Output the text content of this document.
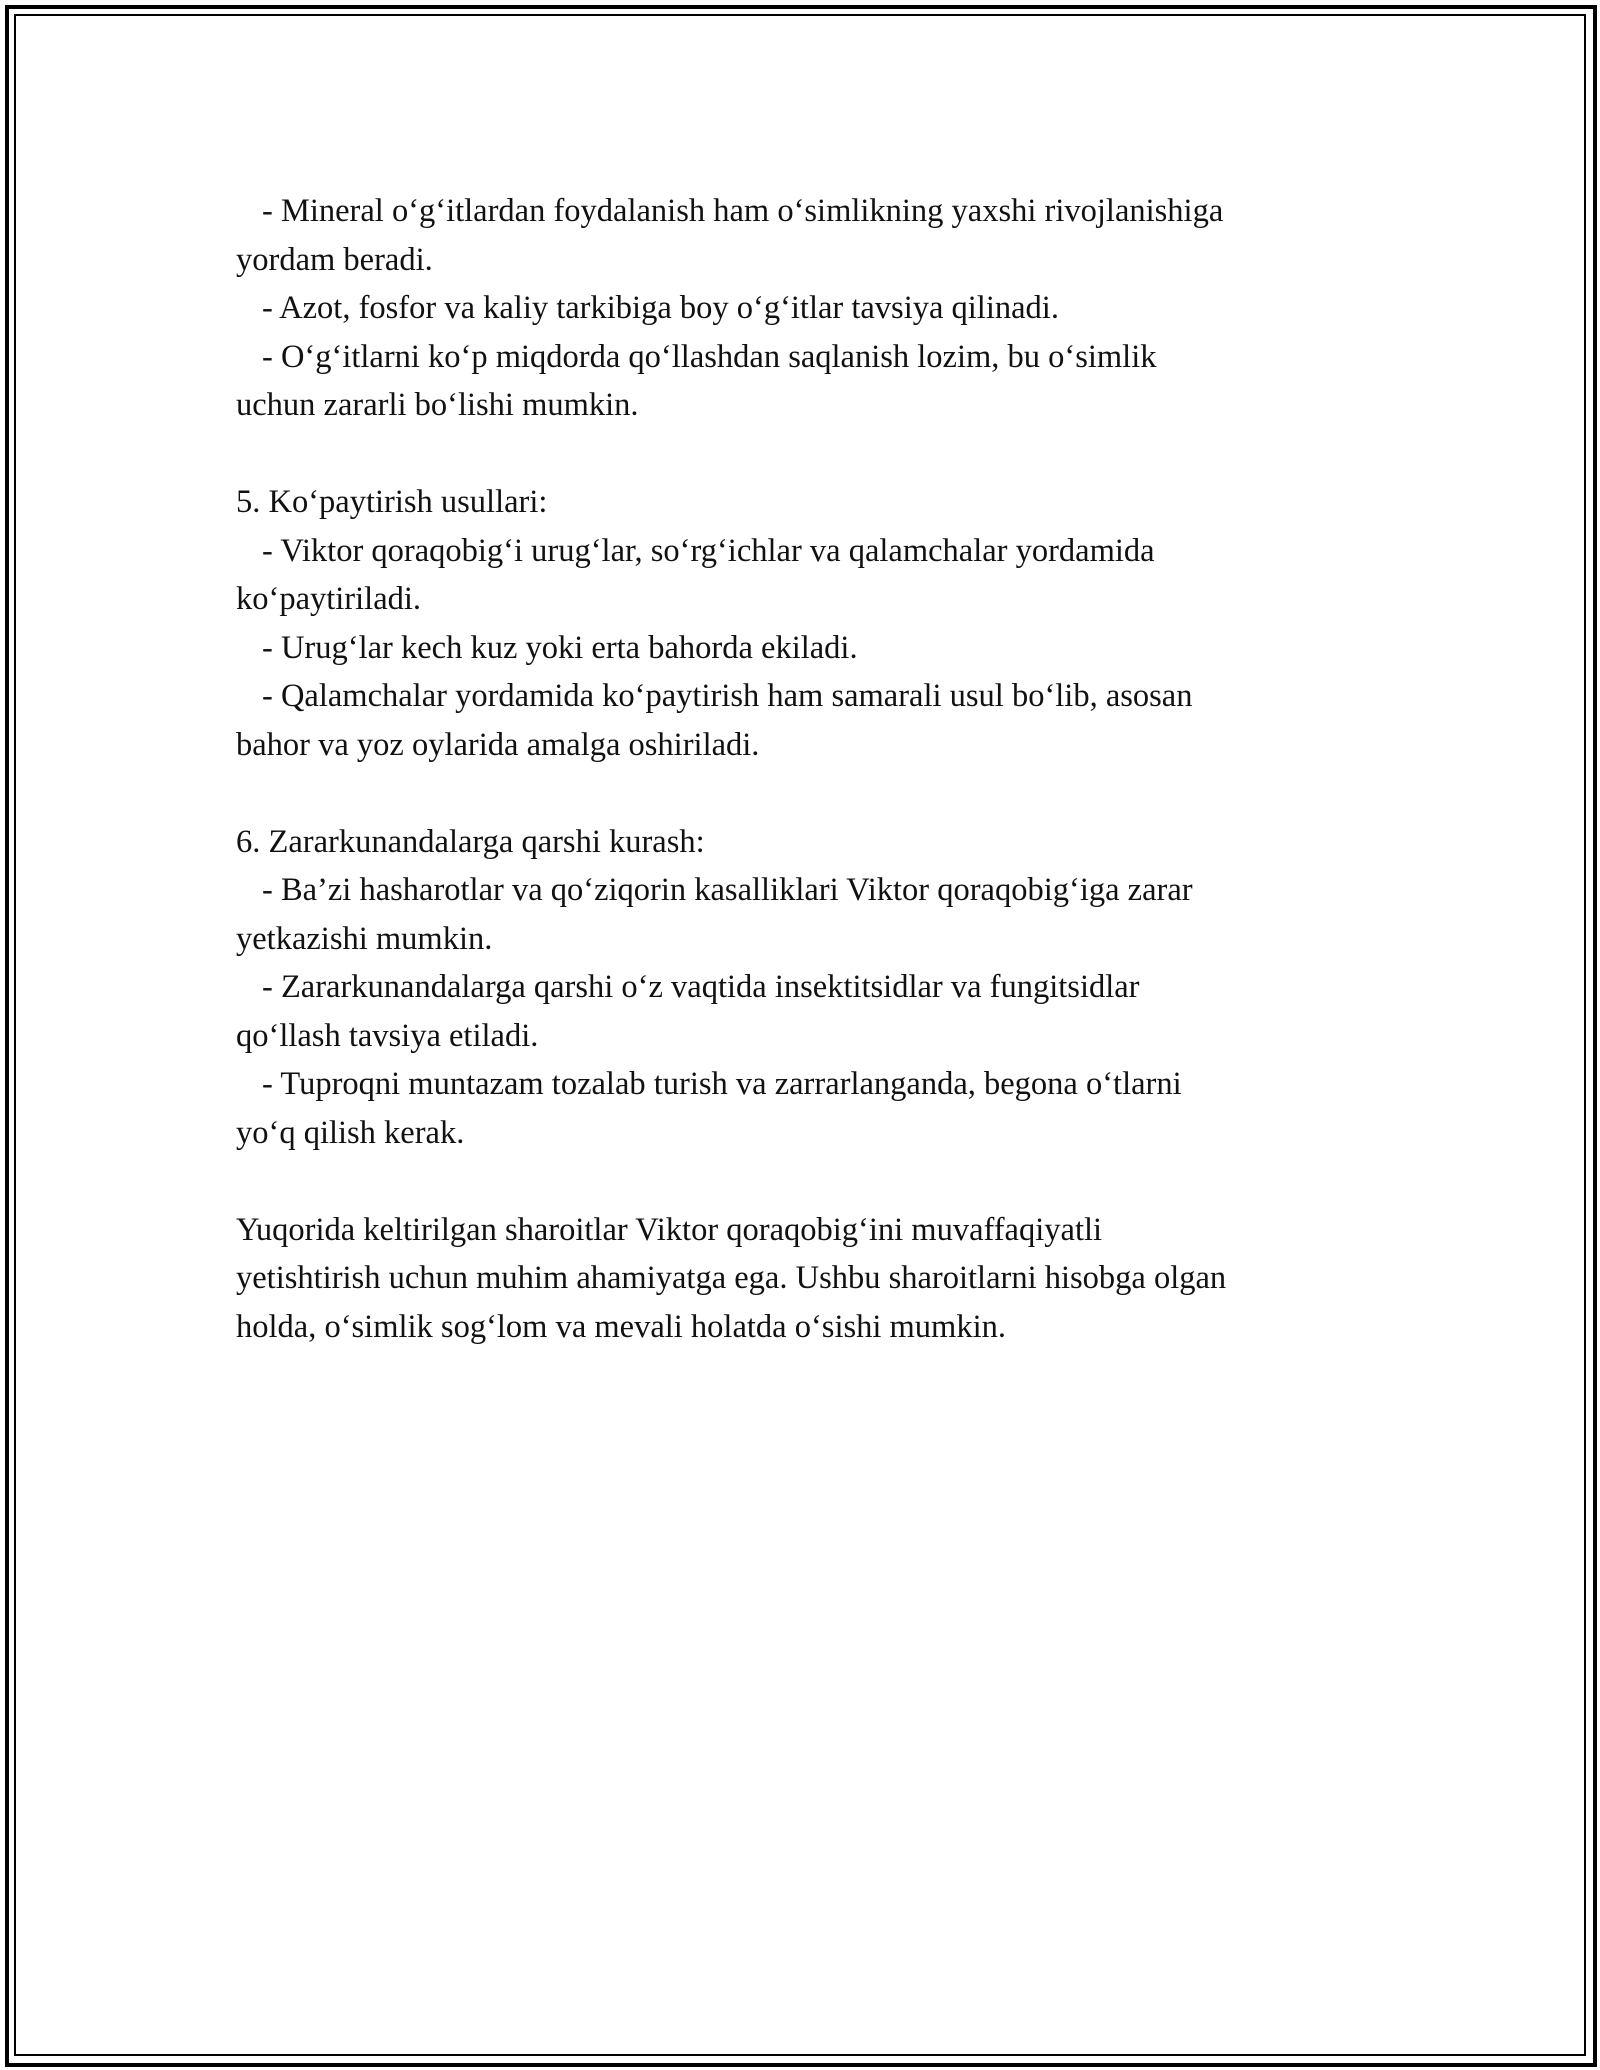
- Mineral o‘g‘itlardan foydalanish ham o‘simlikning yaxshi rivojlanishiga
yordam beradi.
- Azot, fosfor va kaliy tarkibiga boy o‘g‘itlar tavsiya qilinadi.
- O‘g‘itlarni ko‘p miqdorda qo‘llashdan saqlanish lozim, bu o‘simlik
uchun zararli bo‘lishi mumkin.
5. Ko‘paytirish usullari:
- Viktor qoraqobig‘i urug‘lar, so‘rg‘ichlar va qalamchalar yordamida
ko‘paytiriladi.
- Urug‘lar kech kuz yoki erta bahorda ekiladi.
- Qalamchalar yordamida ko‘paytirish ham samarali usul bo‘lib, asosan
bahor va yoz oylarida amalga oshiriladi.
6. Zararkunandalarga qarshi kurash:
- Ba’zi hasharotlar va qo‘ziqorin kasalliklari Viktor qoraqobig‘iga zarar
yetkazishi mumkin.
- Zararkunandalarga qarshi o‘z vaqtida insektitsidlar va fungitsidlar
qo‘llash tavsiya etiladi.
- Tuproqni muntazam tozalab turish va zarrarlanganda, begona o‘tlarni
yo‘q qilish kerak.
Yuqorida keltirilgan sharoitlar Viktor qoraqobig‘ini muvaffaqiyatli
yetishtirish uchun muhim ahamiyatga ega. Ushbu sharoitlarni hisobga olgan
holda, o‘simlik sog‘lom va mevali holatda o‘sishi mumkin.
